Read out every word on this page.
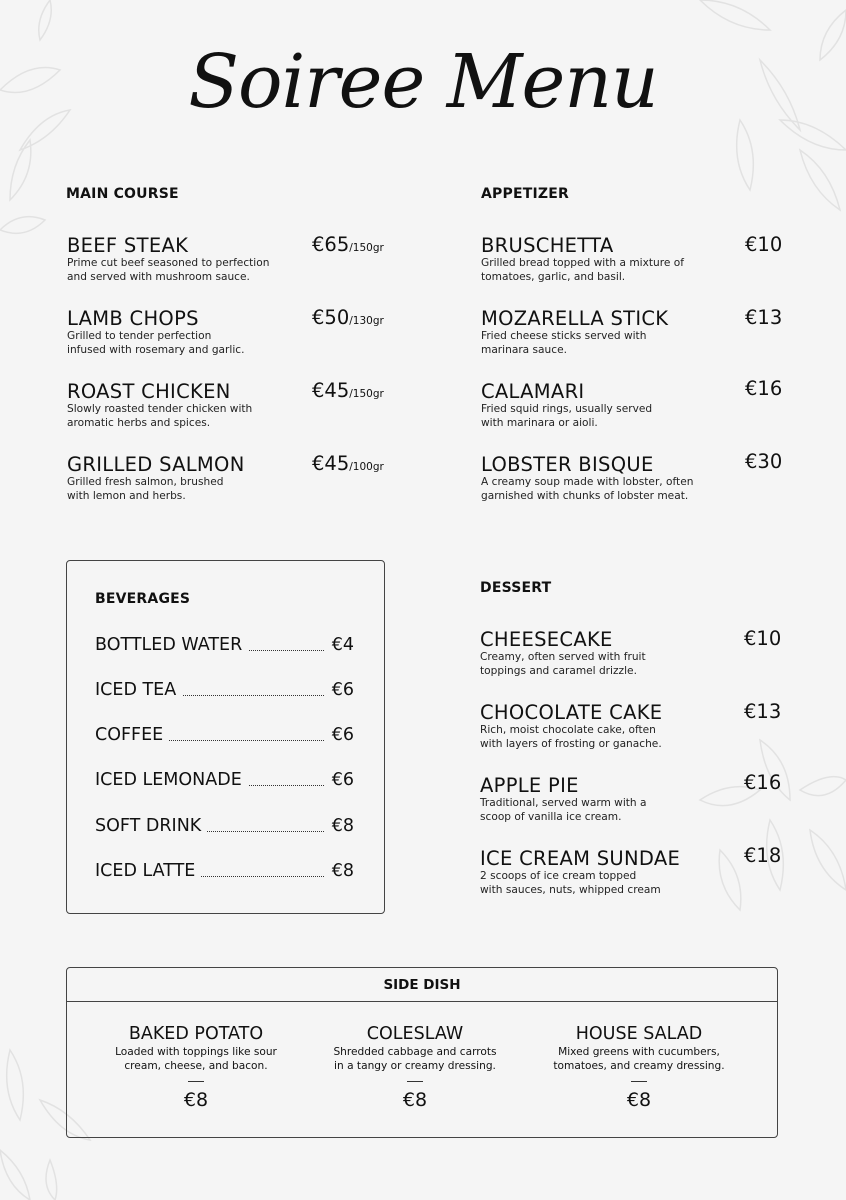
Soiree Menu
MAIN COURSE
BEEF STEAK
Prime cut beef seasoned to perfection
and served with mushroom sauce.
€65/150gr
LAMB CHOPS
Grilled to tender perfection
infused with rosemary and garlic.
€50/130gr
ROAST CHICKEN
Slowly roasted tender chicken with
aromatic herbs and spices.
€45/150gr
GRILLED SALMON
Grilled fresh salmon, brushed
with lemon and herbs.
€45/100gr
APPETIZER
BRUSCHETTA
Grilled bread topped with a mixture of
tomatoes, garlic, and basil.
€10
MOZARELLA STICK
Fried cheese sticks served with
marinara sauce.
€13
CALAMARI
Fried squid rings, usually served
with marinara or aioli.
€16
LOBSTER BISQUE
A creamy soup made with lobster, often
garnished with chunks of lobster meat.
€30
BEVERAGES
BOTTLED WATER	€4
ICED TEA	€6
COFFEE	€6
ICED LEMONADE	€6
SOFT DRINK	€8
ICED LATTE	€8
DESSERT
CHEESECAKE
Creamy, often served with fruit
toppings and caramel drizzle.
€10
CHOCOLATE CAKE
Rich, moist chocolate cake, often
with layers of frosting or ganache.
€13
APPLE PIE
Traditional, served warm with a
scoop of vanilla ice cream.
€16
ICE CREAM SUNDAE
2 scoops of ice cream topped
with sauces, nuts, whipped cream
€18
SIDE DISH
BAKED POTATO
Loaded with toppings like sour
cream, cheese, and bacon.
€8
COLESLAW
Shredded cabbage and carrots
in a tangy or creamy dressing.
€8
HOUSE SALAD
Mixed greens with cucumbers,
tomatoes, and creamy dressing.
€8
